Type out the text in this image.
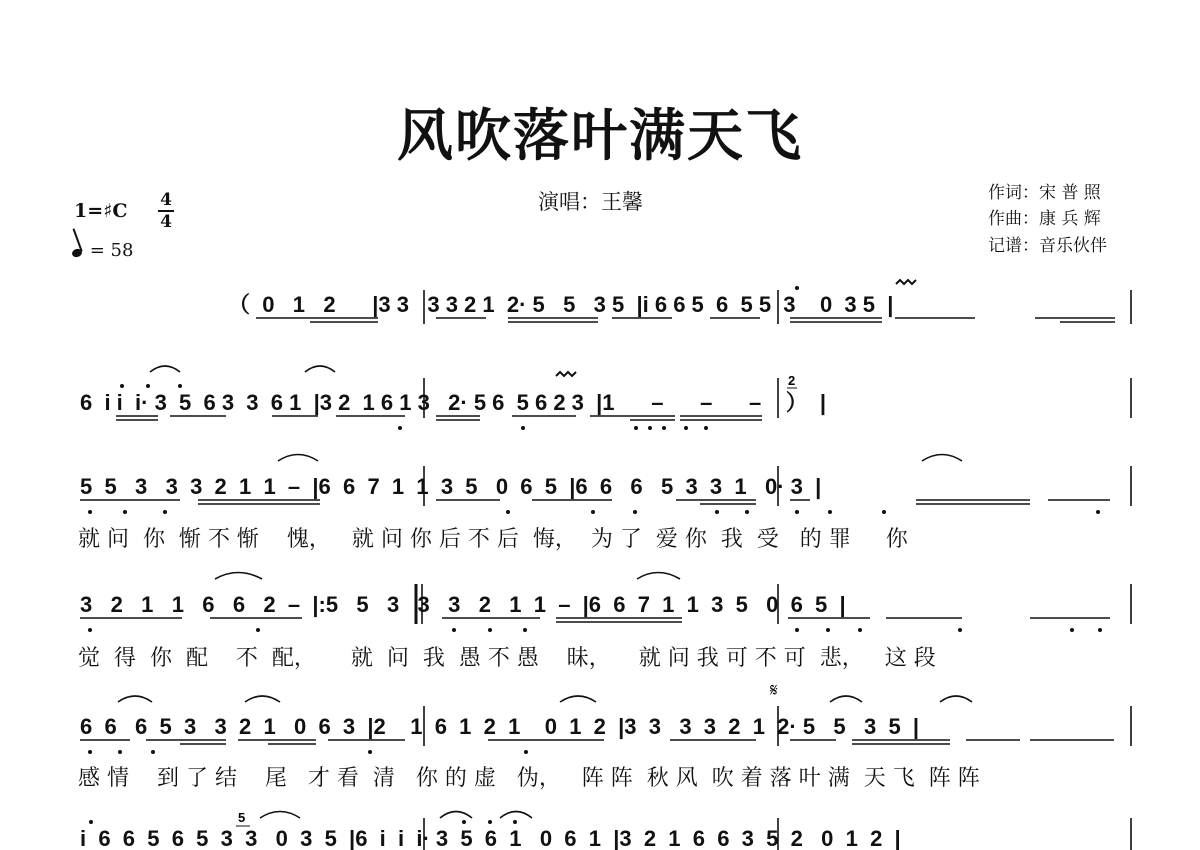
风吹落叶满天飞
演唱：王馨	作词：宋 普 照
作曲：康 兵 辉
记谱：音乐伙伴
1=♯C 4
4
= 58
（  0   1   2      |3 3   3 3 2 1  2· 5   5   3 5  |i 6 6 5  6  5 5  3    0  3 5  |
6  i i  i· 3  5  6 3  3  6 1  |3 2  1 6 1 3   2· 5 6  5 6 2 3  |1      –      –      –    ）  |
5  5   3   3  3  2  1  1  –  |6  6  7  1  1  3  5   0  6  5  |6  6   6   5  3  3  1   0· 3  |
就 问  你  惭 不 惭    愧，   就 问 你 后 不 后  悔，  为 了  爱 你  我  受   的 罪     你
3   2   1   1   6   6   2  –  |:5   5   3   3   3   2   1  1  –  |6  6  7  1  1  3  5   0  6  5  |
觉  得  你  配    不  配，     就  问  我  愚 不 愚    昧，    就 问 我 可 不 可  悲，   这 段
6  6   6  5  3   3  2  1   0  6  3  |2    1  6  1  2  1    0  1  2  |3  3   3  3  2  1  2· 5   5   3  5  |
感 情    到 了 结    尾   才 看  清   你 的 虚   伪，   阵 阵  秋 风  吹 着 落 叶 满  天 飞  阵 阵
i  6  6  5  6  5  3  3   0  3  5  |6  i  i  i· 3  5  6  1   0  6  1  |3  2  1  6  6  3  5  2   0  1  2  |
𝄋
2
5
